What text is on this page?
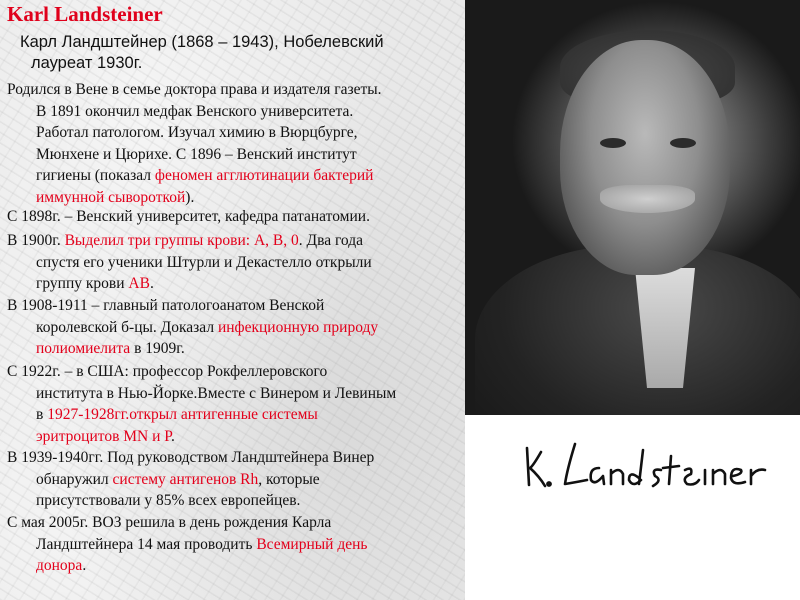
Karl Landsteiner
Карл Ландштейнер (1868 – 1943), Нобелевский
лауреат 1930г.
Родился в Вене в семье доктора права и издателя газеты.
В 1891 окончил медфак Венского университета.
Работал патологом. Изучал химию в Вюрцбурге,
Мюнхене и Цюрихе. С 1896 – Венский институт
гигиены (показал феномен агглютинации бактерий
иммунной сывороткой).
С 1898г. – Венский университет, кафедра патанатомии.
В 1900г. Выделил три группы крови: А, В, 0. Два года
спустя его ученики Штурли и Декастелло открыли
группу крови АВ.
В 1908-1911 – главный патологоанатом Венской
королевской б-цы. Доказал инфекционную природу
полиомиелита в 1909г.
С 1922г. – в США: профессор Рокфеллеровского
института в Нью-Йорке.Вместе с Винером и Левиным
в 1927-1928гг.открыл антигенные системы
эритроцитов MN и Р.
В 1939-1940гг. Под руководством Ландштейнера Винер
обнаружил систему антигенов Rh, которые
присутствовали у 85% всех европейцев.
С мая 2005г. ВОЗ решила в день рождения Карла
Ландштейнера 14 мая проводить Всемирный день
донора.
